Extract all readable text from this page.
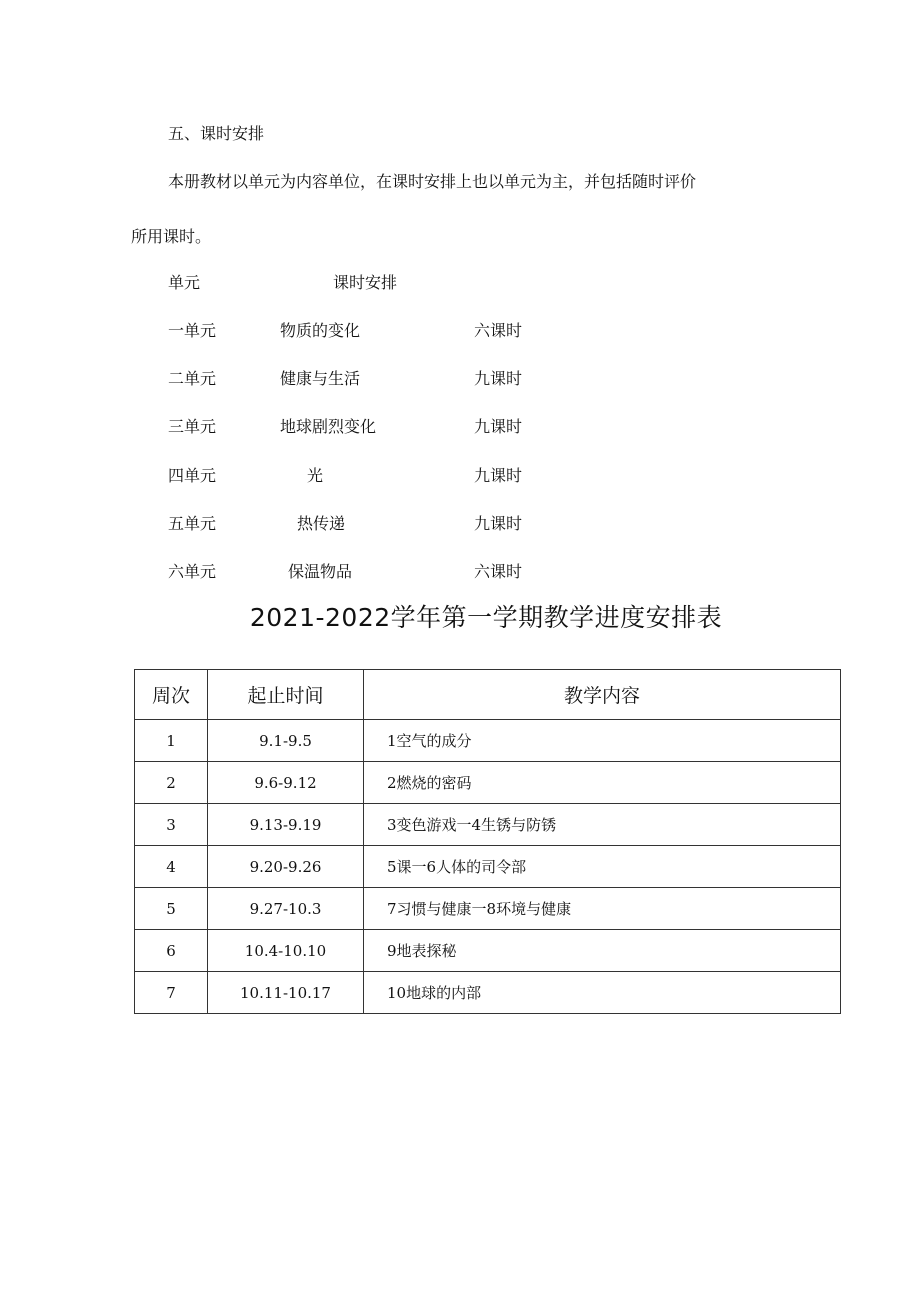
五、课时安排
本册教材以单元为内容单位，在课时安排上也以单元为主，并包括随时评价
所用课时。
单元	课时安排
一单元	物质的变化	六课时
二单元	健康与生活	九课时
三单元	地球剧烈变化	九课时
四单元	光	九课时
五单元	热传递	九课时
六单元	保温物品	六课时
2021-2022学年第一学期教学进度安排表
周次	起止时间	教学内容
1	9.1-9.5	1空气的成分
2	9.6-9.12	2燃烧的密码
3	9.13-9.19	3变色游戏一4生锈与防锈
4	9.20-9.26	5课一6人体的司令部
5	9.27-10.3	7习惯与健康一8环境与健康
6	10.4-10.10	9地表探秘
7	10.11-10.17	10地球的内部
